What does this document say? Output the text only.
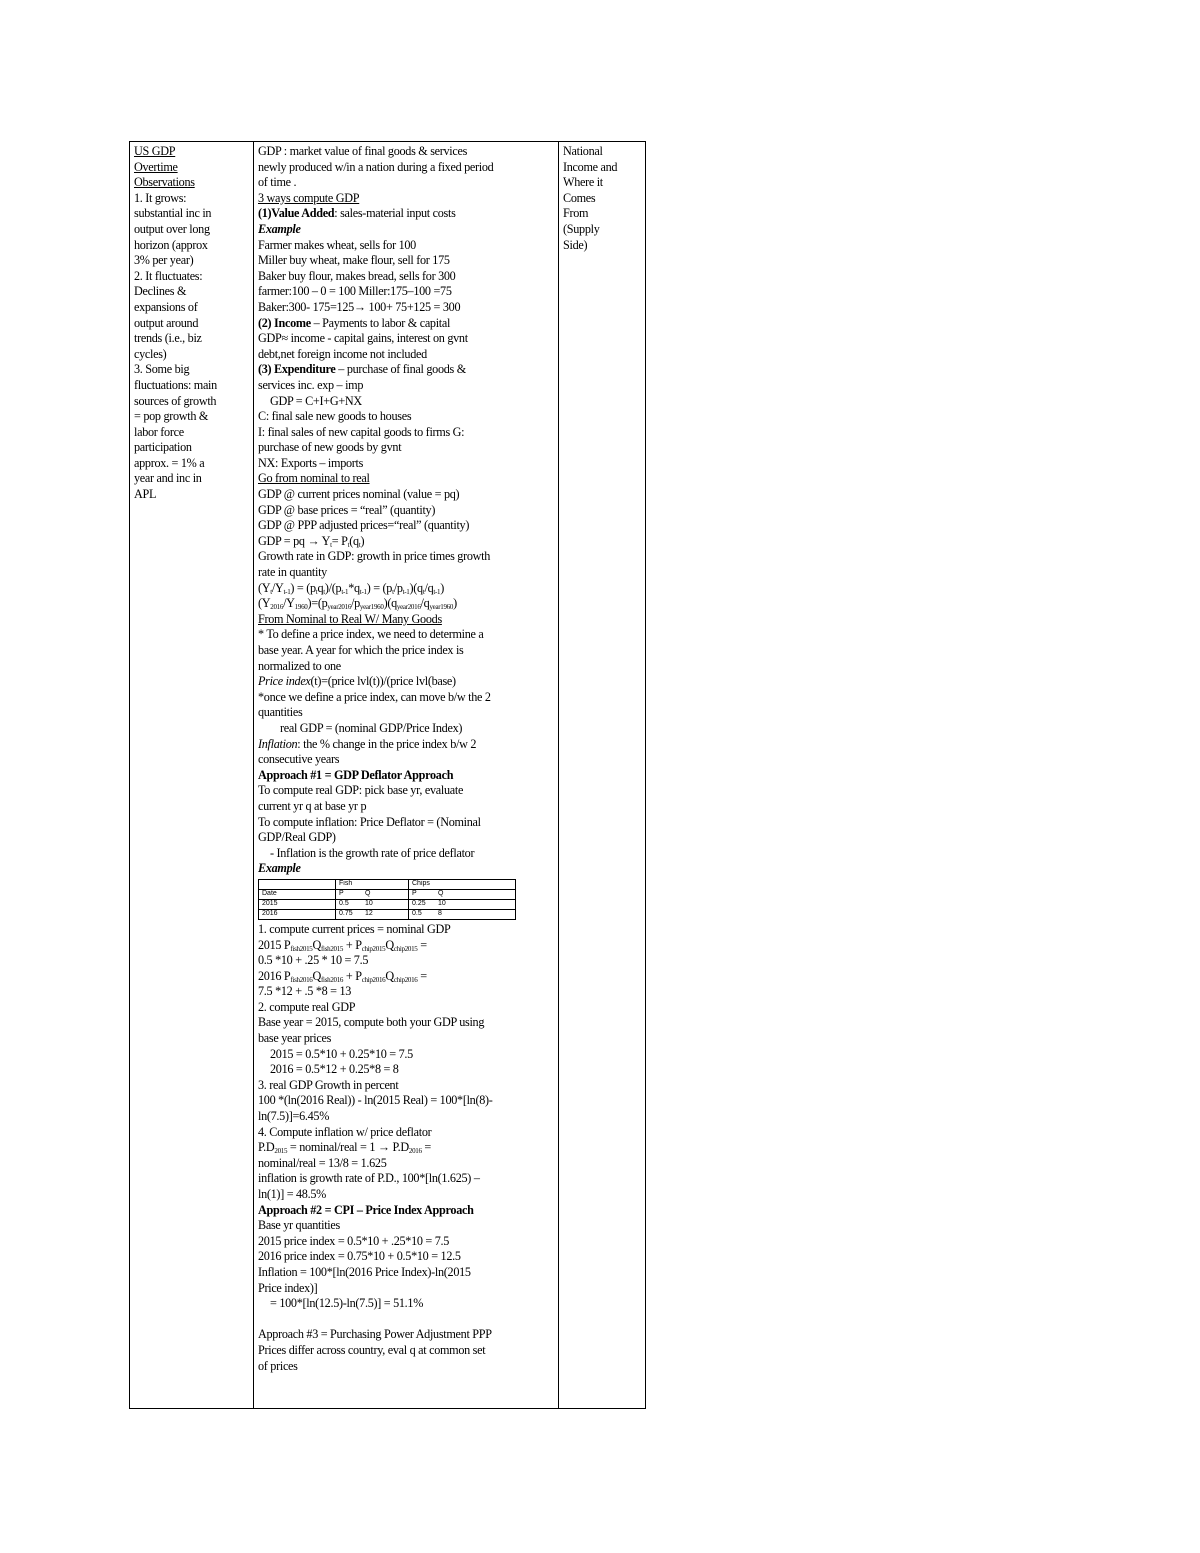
US GDP
Overtime
Observations
1. It grows:
substantial inc in
output over long
horizon (approx
3% per year)
2. It fluctuates:
Declines &
expansions of
output around
trends (i.e., biz
cycles)
3. Some big
fluctuations: main
sources of growth
= pop growth &
labor force
participation
approx. = 1% a
year and inc in
APL

GDP : market value of final goods & services
newly produced w/in a nation during a fixed period
of time .
3 ways compute GDP
(1)Value Added: sales-material input costs
Example
Farmer makes wheat, sells for 100
Miller buy wheat, make flour, sell for 175
Baker buy flour, makes bread, sells for 300
farmer:100 – 0 = 100 Miller:175–100 =75
Baker:300- 175=125→ 100+ 75+125 = 300
(2) Income – Payments to labor & capital
GDP≈ income - capital gains, interest on gvnt
debt,net foreign income not included
(3) Expenditure – purchase of final goods &
services inc. exp – imp
GDP = C+I+G+NX
C: final sale new goods to houses
I: final sales of new capital goods to firms G:
purchase of new goods by gvnt
NX: Exports – imports
Go from nominal to real
GDP @ current prices nominal (value = pq)
GDP @ base prices = “real” (quantity)
GDP @ PPP adjusted prices=“real” (quantity)
GDP = pq → $Y_t= P_t(q_t)$
Growth rate in GDP: growth in price times growth
rate in quantity
$(Y_t/Y_{t-1}) = (p_tq_t)/(p_{t-1}*q_{t-1}) = (p_t/p_{t-1})(q_t/q_{t-1})$
$(Y_{2016}/Y_{1960})=(p_{year2016}/p_{year1960})(q_{year2016}/q_{year1960})$
From Nominal to Real W/ Many Goods
* To define a price index, we need to determine a
base year. A year for which the price index is
normalized to one
Price index(t)=(price lvl(t))/(price lvl(base)
*once we define a price index, can move b/w the 2
quantities
real GDP = (nominal GDP/Price Index)
Inflation: the % change in the price index b/w 2
consecutive years
Approach #1 = GDP Deflator Approach
To compute real GDP: pick base yr, evaluate
current yr q at base yr p
To compute inflation: Price Deflator = (Nominal
GDP/Real GDP)
- Inflation is the growth rate of price deflator
Example
	Fish		Chips	
Date	P	Q	P	Q
2015	0.5	10	0.25	10
2016	0.75	12	0.5	8
1. compute current prices = nominal GDP
2015 $P_{fish2015}Q_{fish2015} + P_{chip2015}Q_{chip2015}$ =
0.5 *10 + .25 * 10 = 7.5
2016 $P_{fish2016}Q_{fish2016} + P_{chip2016}Q_{chip2016}$ =
7.5 *12 + .5 *8 = 13
2. compute real GDP
Base year = 2015, compute both your GDP using
base year prices
2015 = 0.5*10 + 0.25*10 = 7.5
2016 = 0.5*12 + 0.25*8 = 8
3. real GDP Growth in percent
100 *(ln(2016 Real)) - ln(2015 Real) = 100*[ln(8)-
ln(7.5)]=6.45%
4. Compute inflation w/ price deflator
$P.D_{2015}$ = nominal/real = $1 \to P.D_{2016}$ =
nominal/real = 13/8 = 1.625
inflation is growth rate of P.D., 100*[ln(1.625) –
ln(1)] = 48.5%
Approach #2 = CPI – Price Index Approach
Base yr quantities
2015 price index = 0.5*10 + .25*10 = 7.5
2016 price index = 0.75*10 + 0.5*10 = 12.5
Inflation = 100*[ln(2016 Price Index)-ln(2015
Price index)]
= 100*[ln(12.5)-ln(7.5)] = 51.1%
Approach #3 = Purchasing Power Adjustment PPP
Prices differ across country, eval q at common set
of prices

National
Income and
Where it
Comes
From
(Supply
Side)
